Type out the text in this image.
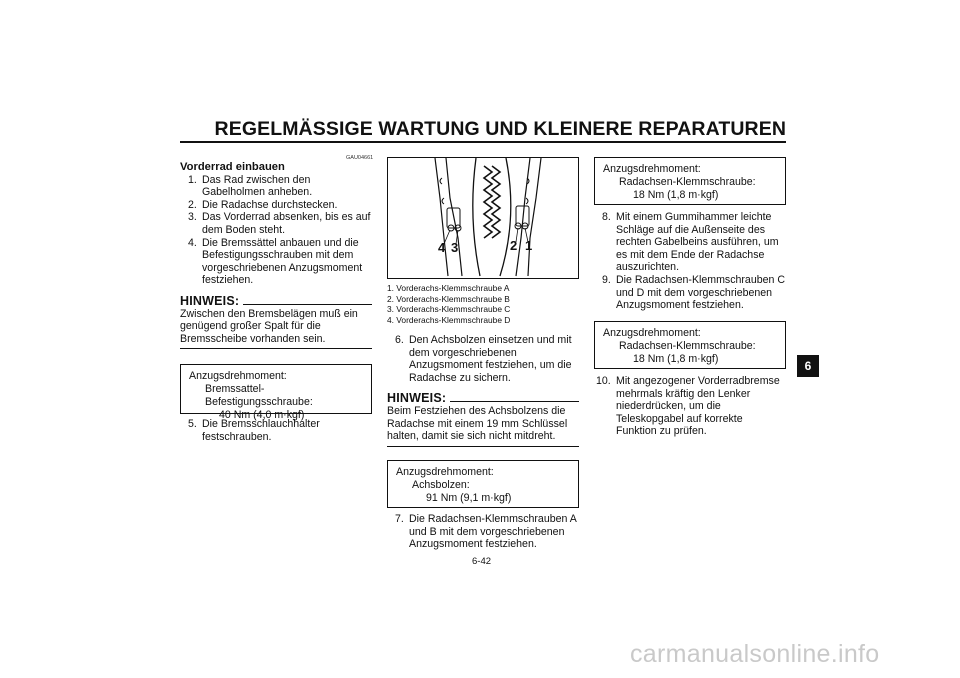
REGELMÄSSIGE WARTUNG UND KLEINERE REPARATUREN
GAU04661
Vorderrad einbauen

1. Das Rad zwischen den Gabelholmen anheben.

2. Die Radachse durchstecken.

3. Das Vorderrad absenken, bis es auf dem Boden steht.

4. Die Bremssättel anbauen und die Befestigungsschrauben mit dem vorgeschriebenen Anzugsmoment festziehen.

HINWEIS:
Zwischen den Bremsbelägen muß ein genügend großer Spalt für die Bremsscheibe vorhanden sein.
Anzugsdrehmoment:
Bremssattel-Befestigungsschraube:
40 Nm (4,0 m·kgf)

5. Die Bremsschlauchhalter festschrauben.

4 3	2 1
1. Vorderachs-Klemmschraube A
2. Vorderachs-Klemmschraube B
3. Vorderachs-Klemmschraube C
4. Vorderachs-Klemmschraube D

6. Den Achsbolzen einsetzen und mit dem vorgeschriebenen Anzugsmoment festziehen, um die Radachse zu sichern.

HINWEIS:
Beim Festziehen des Achsbolzens die Radachse mit einem 19 mm Schlüssel halten, damit sie sich nicht mitdreht.
Anzugsdrehmoment:
Achsbolzen:
91 Nm (9,1 m·kgf)

7. Die Radachsen-Klemmschrauben A und B mit dem vorgeschriebenen Anzugsmoment festziehen.

Anzugsdrehmoment:
Radachsen-Klemmschraube:
18 Nm (1,8 m·kgf)

8. Mit einem Gummihammer leichte Schläge auf die Außenseite des rechten Gabelbeins ausführen, um es mit dem Ende der Radachse auszurichten.

9. Die Radachsen-Klemmschrauben C und D mit dem vorgeschriebenen Anzugsmoment festziehen.

Anzugsdrehmoment:
Radachsen-Klemmschraube:
18 Nm (1,8 m·kgf)

10. Mit angezogener Vorderradbremse mehrmals kräftig den Lenker niederdrücken, um die Teleskopgabel auf korrekte Funktion zu prüfen.

6
6-42
carmanualsonline.info
